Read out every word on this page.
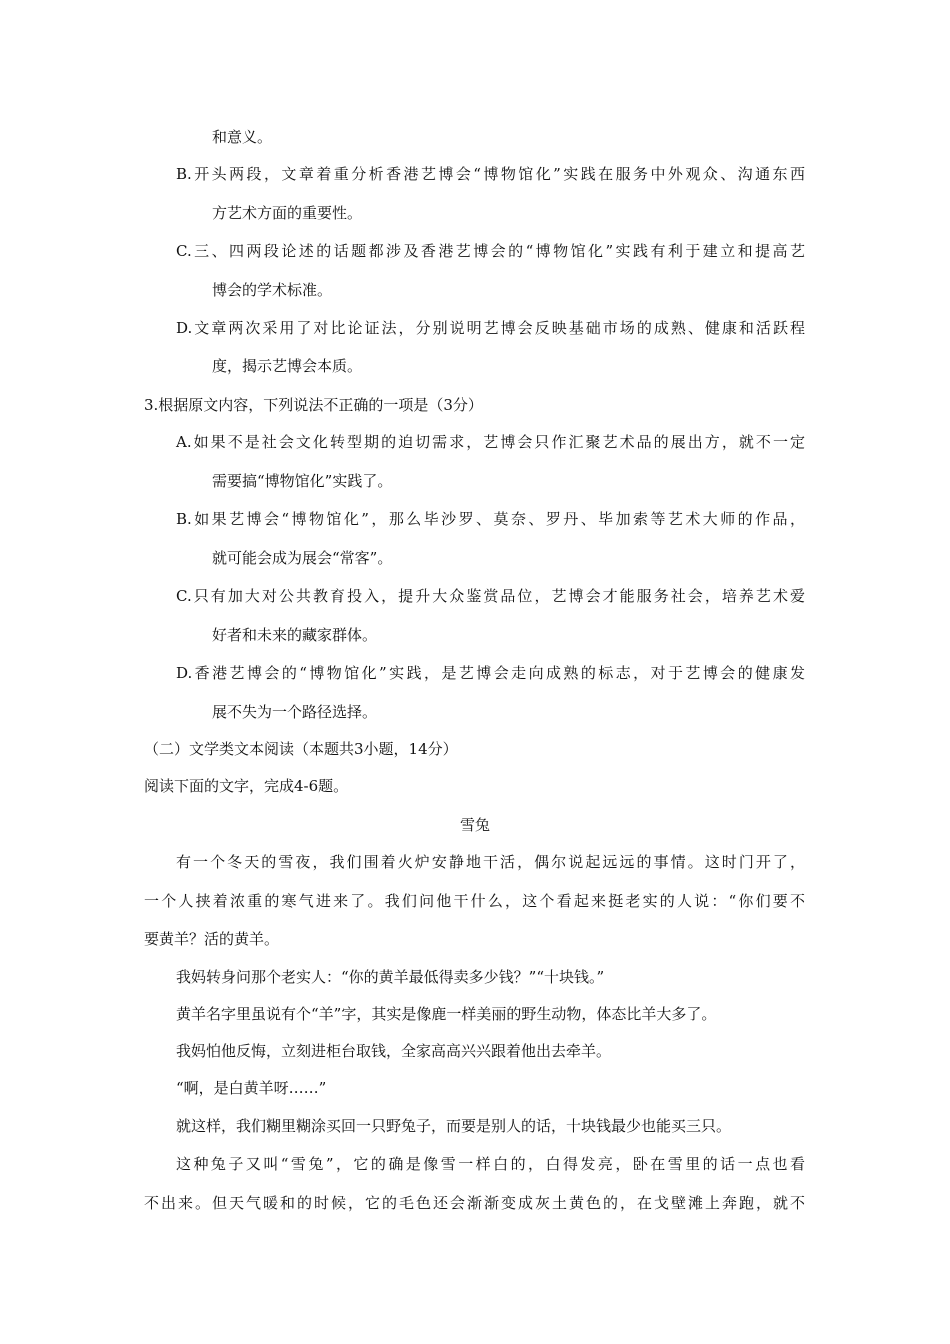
和意义。
B.开头两段，文章着重分析香港艺博会“博物馆化”实践在服务中外观众、沟通东西
方艺术方面的重要性。
C.三、四两段论述的话题都涉及香港艺博会的“博物馆化”实践有利于建立和提高艺
博会的学术标准。
D.文章两次采用了对比论证法，分别说明艺博会反映基础市场的成熟、健康和活跃程
度，揭示艺博会本质。
3.根据原文内容，下列说法不正确的一项是（3分）
A.如果不是社会文化转型期的迫切需求，艺博会只作汇聚艺术品的展出方，就不一定
需要搞“博物馆化”实践了。
B.如果艺博会“博物馆化”，那么毕沙罗、莫奈、罗丹、毕加索等艺术大师的作品，
就可能会成为展会“常客”。
C.只有加大对公共教育投入，提升大众鉴赏品位，艺博会才能服务社会，培养艺术爱
好者和未来的藏家群体。
D.香港艺博会的“博物馆化”实践，是艺博会走向成熟的标志，对于艺博会的健康发
展不失为一个路径选择。
（二）文学类文本阅读（本题共3小题，14分）
阅读下面的文字，完成4-6题。
雪兔
有一个冬天的雪夜，我们围着火炉安静地干活，偶尔说起远远的事情。这时门开了，
一个人挟着浓重的寒气进来了。我们问他干什么，这个看起来挺老实的人说：“你们要不
要黄羊？活的黄羊。
我妈转身问那个老实人：“你的黄羊最低得卖多少钱？”“十块钱。”
黄羊名字里虽说有个“羊”字，其实是像鹿一样美丽的野生动物，体态比羊大多了。
我妈怕他反悔，立刻进柜台取钱，全家高高兴兴跟着他出去牵羊。
“啊，是白黄羊呀……”
就这样，我们糊里糊涂买回一只野兔子，而要是别人的话，十块钱最少也能买三只。
这种兔子又叫“雪兔”，它的确是像雪一样白的，白得发亮，卧在雪里的话一点也看
不出来。但天气暖和的时候，它的毛色还会渐渐变成灰土黄色的，在戈壁滩上奔跑，就不
